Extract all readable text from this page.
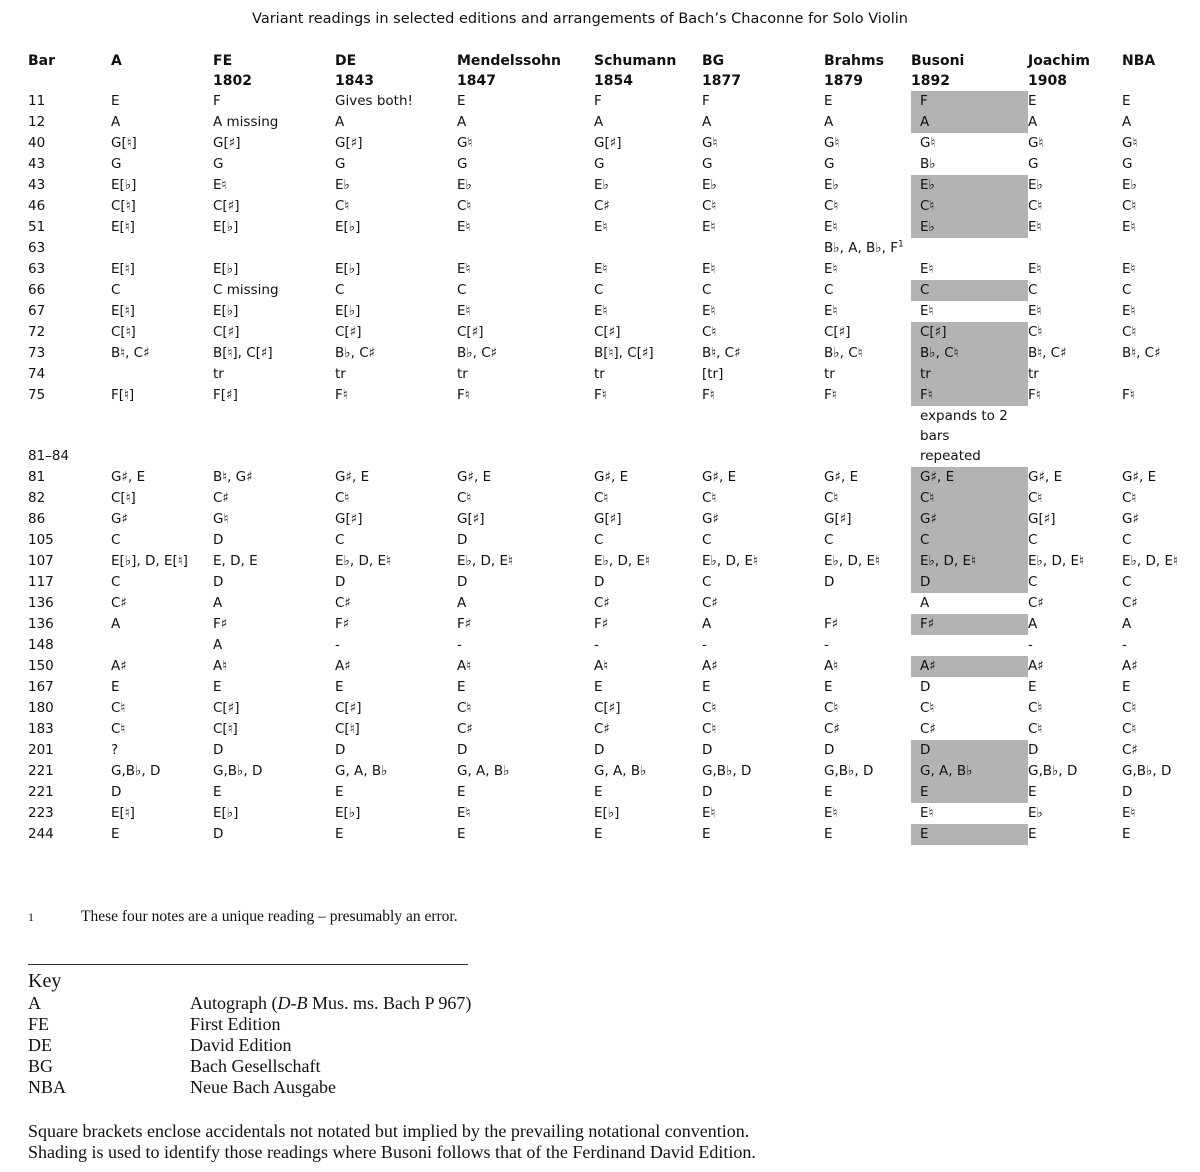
Variant readings in selected editions and arrangements of Bach’s Chaconne for Solo Violin
Bar	A	FE	DE	Mendelssohn	Schumann	BG	Brahms	Busoni	Joachim	NBA
		1802	1843	1847	1854	1877	1879	1892	1908	
11	E	F	Gives both!	E	F	F	E	F	E	E
12	A	A missing	A	A	A	A	A	A	A	A
40	G[♮]	G[♯]	G[♯]	G♮	G[♯]	G♮	G♮	G♮	G♮	G♮
43	G	G	G	G	G	G	G	B♭	G	G
43	E[♭]	E♮	E♭	E♭	E♭	E♭	E♭	E♭	E♭	E♭
46	C[♮]	C[♯]	C♮	C♮	C♯	C♮	C♮	C♮	C♮	C♮
51	E[♮]	E[♭]	E[♭]	E♮	E♮	E♮	E♮	E♭	E♮	E♮
63							B♭, A, B♭, $F^1$

63	E[♮]	E[♭]	E[♭]	E♮	E♮	E♮	E♮	E♮	E♮	E♮
66	C	C missing	C	C	C	C	C	C	C	C
67	E[♮]	E[♭]	E[♭]	E♮	E♮	E♮	E♮	E♮	E♮	E♮
72	C[♮]	C[♯]	C[♯]	C[♯]	C[♯]	C♮	C[♯]	C[♯]	C♮	C♮
73	B♮, C♯	B[♮], C[♯]	B♭, C♯	B♭, C♯	B[♮], C[♯]	B♮, C♯	B♭, C♮	B♭, C♮	B♮, C♯	B♮, C♯
74		tr	tr	tr	tr	[tr]	tr	tr	tr	
75	F[♮]	F[♯]	F♮	F♮	F♮	F♮	F♮	F♮	F♮	F♮

								expands to 2 bars		

81–84								repeated		
81	G♯, E	B♮, G♯	G♯, E	G♯, E	G♯, E	G♯, E	G♯, E	G♯, E	G♯, E	G♯, E
82	C[♮]	C♯	C♮	C♮	C♮	C♮	C♮	C♮	C♮	C♮
86	G♯	G♮	G[♯]	G[♯]	G[♯]	G♯	G[♯]	G♯	G[♯]	G♯
105	C	D	C	D	C	C	C	C	C	C
107	E[♭], D, E[♮]	E, D, E	E♭, D, E♮	E♭, D, E♮	E♭, D, E♮	E♭, D, E♮	E♭, D, E♮	E♭, D, E♮	E♭, D, E♮	E♭, D, E♮
117	C	D	D	D	D	C	D	D	C	C
136	C♯	A	C♯	A	C♯	C♯		A	C♯	C♯
136	A	F♯	F♯	F♯	F♯	A	F♯	F♯	A	A
148		A	-	-	-	-	-		-	-
150	A♯	A♮	A♯	A♮	A♮	A♯	A♮	A♯	A♯	A♯
167	E	E	E	E	E	E	E	D	E	E
180	C♮	C[♯]	C[♯]	C♮	C[♯]	C♮	C♮	C♮	C♮	C♮
183	C♮	C[♮]	C[♮]	C♯	C♯	C♮	C♯	C♯	C♮	C♮
201	?	D	D	D	D	D	D	D	D	C♯
221	G,B♭, D	G,B♭, D	G, A, B♭	G, A, B♭	G, A, B♭	G,B♭, D	G,B♭, D	G, A, B♭	G,B♭, D	G,B♭, D
221	D	E	E	E	E	D	E	E	E	D
223	E[♮]	E[♭]	E[♭]	E♮	E[♭]	E♮	E♮	E♮	E♭	E♮
244	E	D	E	E	E	E	E	E	E	E
1	These four notes are a unique reading – presumably an error.
Key
A	Autograph (D-B Mus. ms. Bach P 967)
FE	First Edition
DE	David Edition
BG	Bach Gesellschaft
NBA	Neue Bach Ausgabe
Square brackets enclose accidentals not notated but implied by the prevailing notational convention.
Shading is used to identify those readings where Busoni follows that of the Ferdinand David Edition.
